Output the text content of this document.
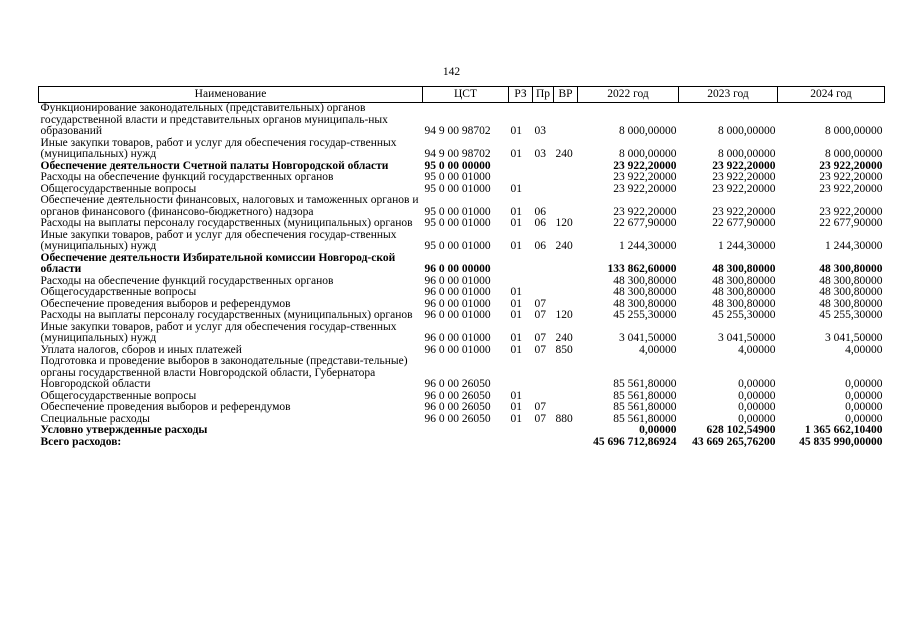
142
Наименование	ЦСТ	РЗ	Пр	ВР	2022 год	2023 год	2024 год
Функционирование законодательных (представительных) органов государственной власти и представительных органов муниципаль-ных образований	94 9 00 98702	01	03		8 000,00000	8 000,00000	8 000,00000
Иные закупки товаров, работ и услуг для обеспечения государ-ственных (муниципальных) нужд	94 9 00 98702	01	03	240	8 000,00000	8 000,00000	8 000,00000
Обеспечение деятельности Счетной палаты Новгородской области	95 0 00 00000				23 922,20000	23 922,20000	23 922,20000
Расходы на обеспечение функций государственных органов	95 0 00 01000				23 922,20000	23 922,20000	23 922,20000
Общегосударственные вопросы	95 0 00 01000	01			23 922,20000	23 922,20000	23 922,20000
Обеспечение деятельности финансовых, налоговых и таможенных органов и органов финансового (финансово-бюджетного) надзора	95 0 00 01000	01	06		23 922,20000	23 922,20000	23 922,20000
Расходы на выплаты персоналу государственных (муниципальных) органов	95 0 00 01000	01	06	120	22 677,90000	22 677,90000	22 677,90000
Иные закупки товаров, работ и услуг для обеспечения государ-ственных (муниципальных) нужд	95 0 00 01000	01	06	240	1 244,30000	1 244,30000	1 244,30000
Обеспечение деятельности Избирательной комиссии Новгород-ской области	96 0 00 00000				133 862,60000	48 300,80000	48 300,80000
Расходы на обеспечение функций государственных органов	96 0 00 01000				48 300,80000	48 300,80000	48 300,80000
Общегосударственные вопросы	96 0 00 01000	01			48 300,80000	48 300,80000	48 300,80000
Обеспечение проведения выборов и референдумов	96 0 00 01000	01	07		48 300,80000	48 300,80000	48 300,80000
Расходы на выплаты персоналу государственных (муниципальных) органов	96 0 00 01000	01	07	120	45 255,30000	45 255,30000	45 255,30000
Иные закупки товаров, работ и услуг для обеспечения государ-ственных (муниципальных) нужд	96 0 00 01000	01	07	240	3 041,50000	3 041,50000	3 041,50000
Уплата налогов, сборов и иных платежей	96 0 00 01000	01	07	850	4,00000	4,00000	4,00000
Подготовка и проведение выборов в законодательные (представи-тельные) органы государственной власти Новгородской области, Губернатора Новгородской области	96 0 00 26050				85 561,80000	0,00000	0,00000
Общегосударственные вопросы	96 0 00 26050	01			85 561,80000	0,00000	0,00000
Обеспечение проведения выборов и референдумов	96 0 00 26050	01	07		85 561,80000	0,00000	0,00000
Специальные расходы	96 0 00 26050	01	07	880	85 561,80000	0,00000	0,00000
Условно утвержденные расходы					0,00000	628 102,54900	1 365 662,10400
Всего расходов:					45 696 712,86924	43 669 265,76200	45 835 990,00000
